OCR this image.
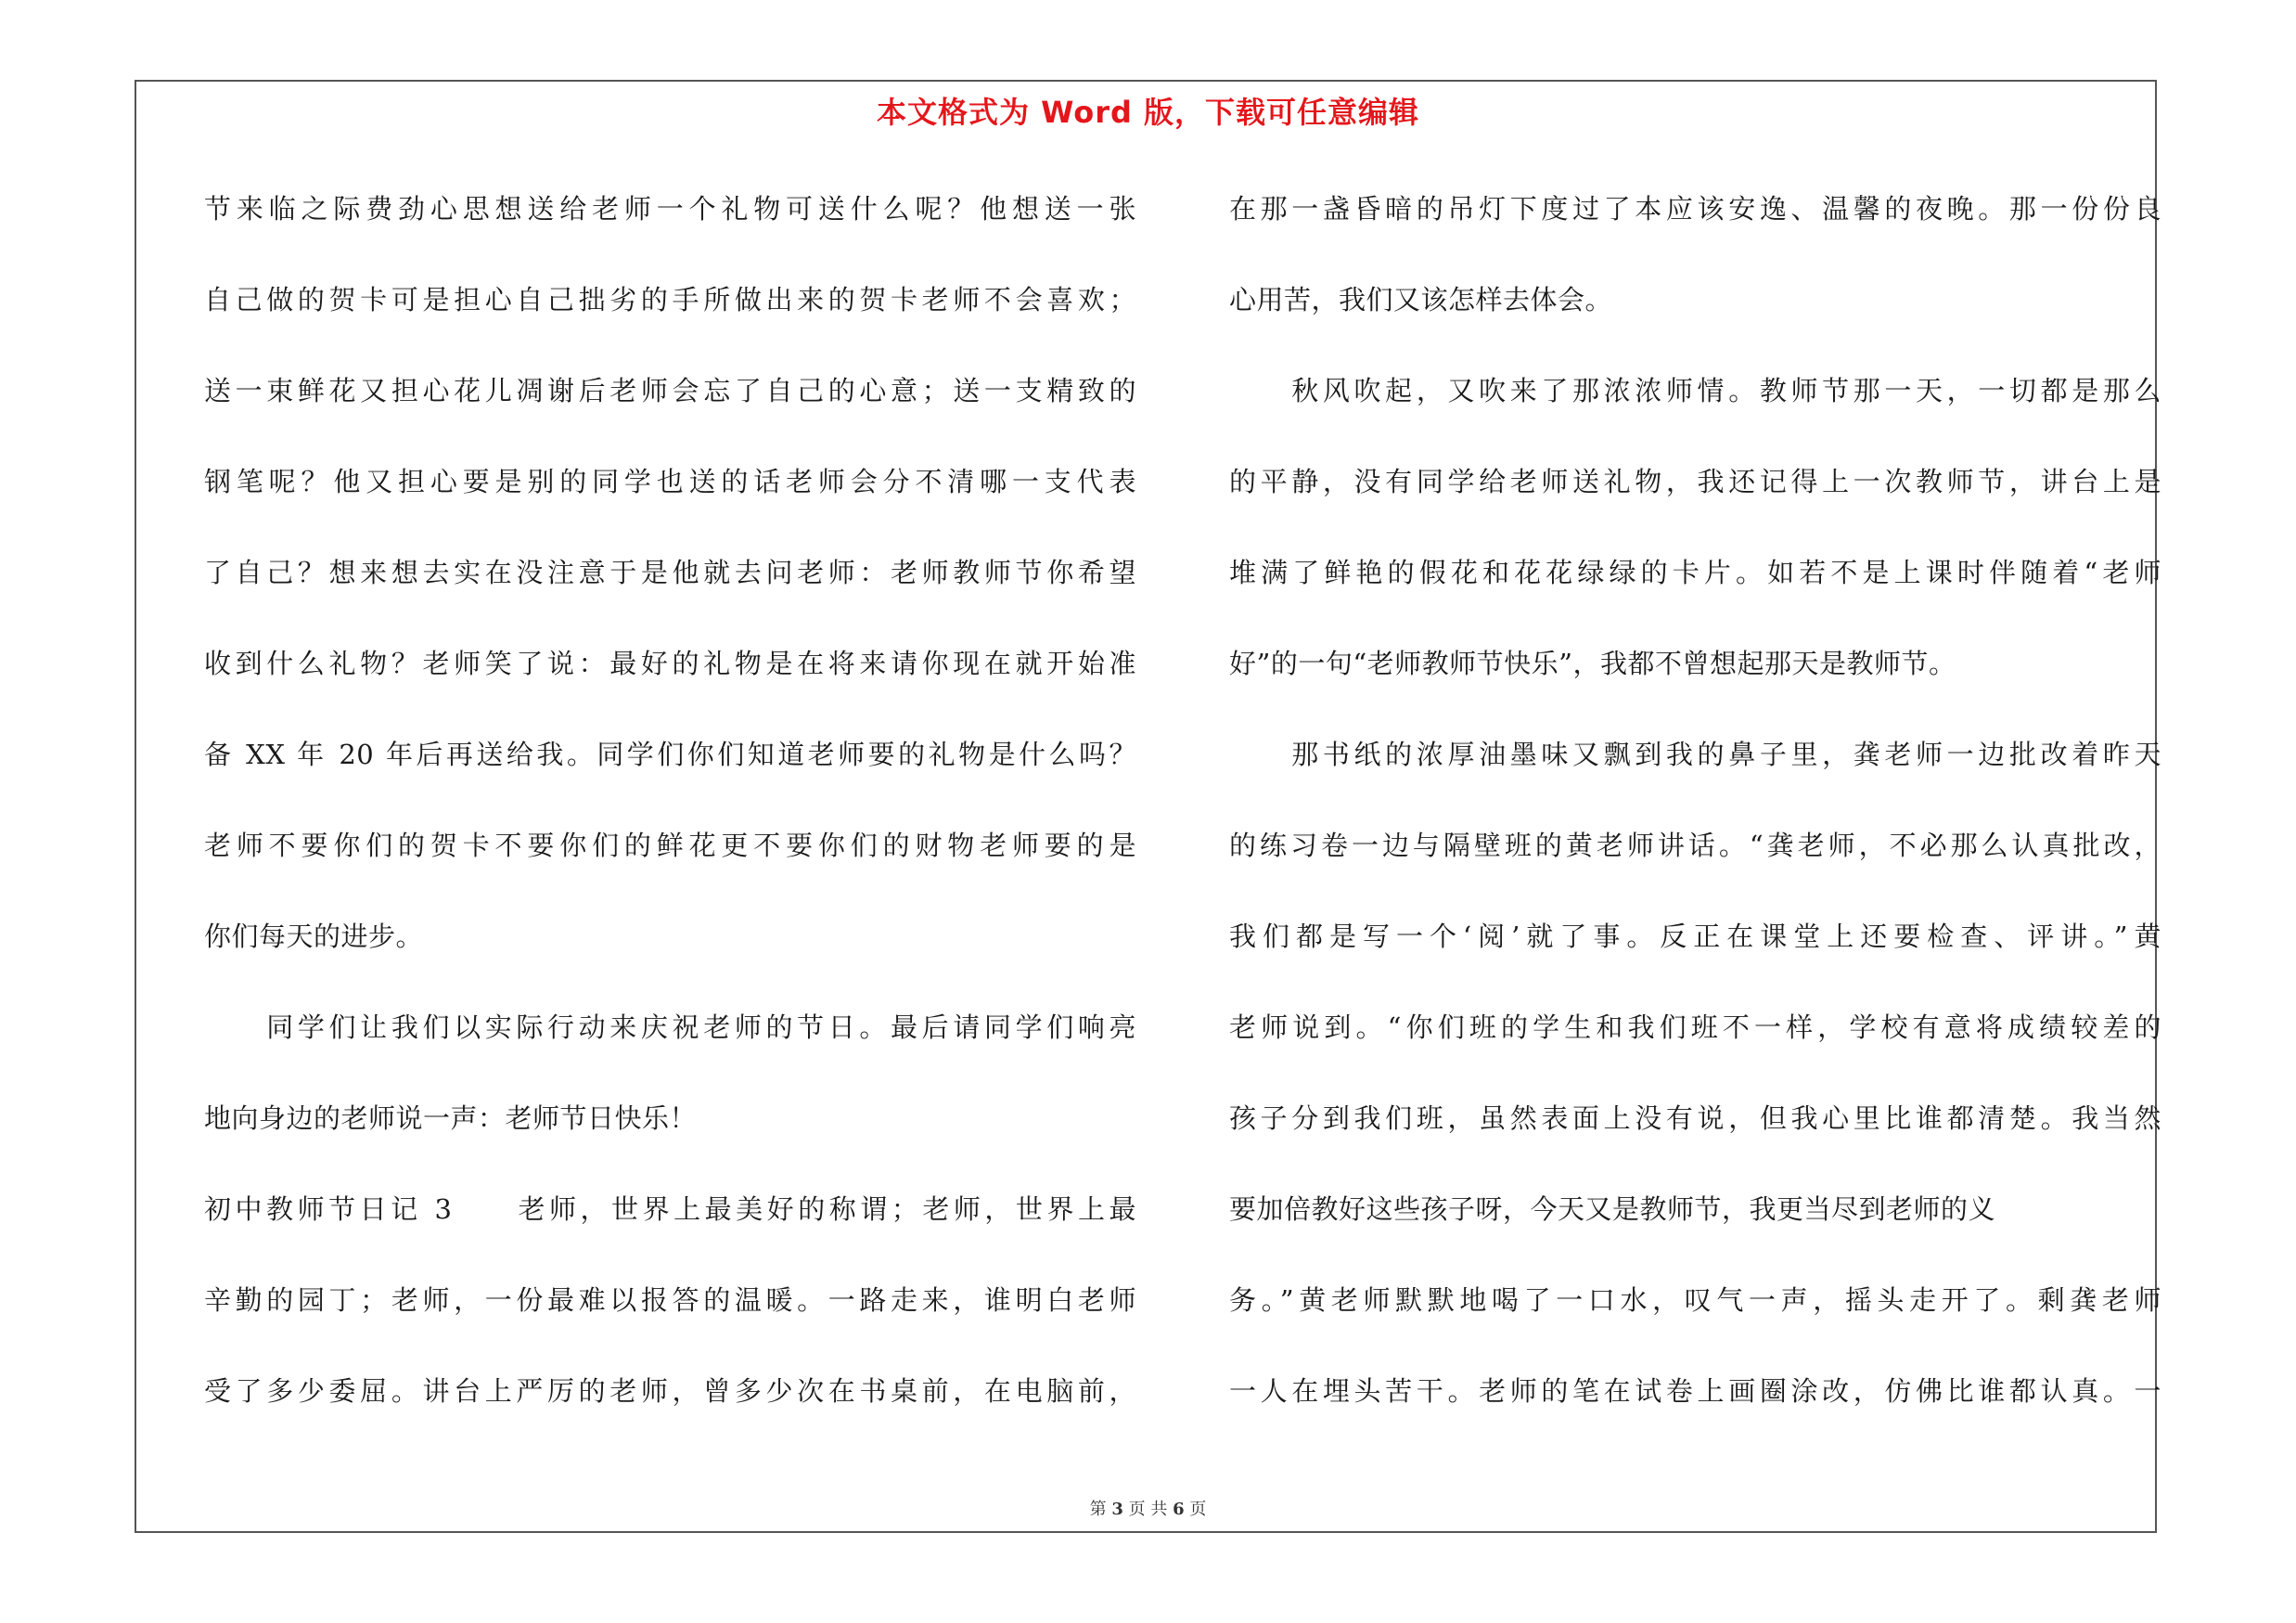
本文格式为 Word 版，下载可任意编辑
节来临之际费劲心思想送给老师一个礼物可送什么呢？他想送一张
自己做的贺卡可是担心自己拙劣的手所做出来的贺卡老师不会喜欢；
送一束鲜花又担心花儿凋谢后老师会忘了自己的心意；送一支精致的
钢笔呢？他又担心要是别的同学也送的话老师会分不清哪一支代表
了自己？想来想去实在没注意于是他就去问老师：老师教师节你希望
收到什么礼物？老师笑了说：最好的礼物是在将来请你现在就开始准
备 XX 年 20 年后再送给我。同学们你们知道老师要的礼物是什么吗？
老师不要你们的贺卡不要你们的鲜花更不要你们的财物老师要的是
你们每天的进步。
　　同学们让我们以实际行动来庆祝老师的节日。最后请同学们响亮
地向身边的老师说一声：老师节日快乐！
初中教师节日记 3　　老师，世界上最美好的称谓；老师，世界上最
辛勤的园丁；老师，一份最难以报答的温暖。一路走来，谁明白老师
受了多少委屈。讲台上严厉的老师，曾多少次在书桌前，在电脑前，
在那一盏昏暗的吊灯下度过了本应该安逸、温馨的夜晚。那一份份良
心用苦，我们又该怎样去体会。
　　秋风吹起，又吹来了那浓浓师情。教师节那一天，一切都是那么
的平静，没有同学给老师送礼物，我还记得上一次教师节，讲台上是
堆满了鲜艳的假花和花花绿绿的卡片。如若不是上课时伴随着“老师
好”的一句“老师教师节快乐”，我都不曾想起那天是教师节。
　　那书纸的浓厚油墨味又飘到我的鼻子里，龚老师一边批改着昨天
的练习卷一边与隔壁班的黄老师讲话。“龚老师，不必那么认真批改，
我们都是写一个‘阅’就了事。反正在课堂上还要检查、评讲。”黄
老师说到。“你们班的学生和我们班不一样，学校有意将成绩较差的
孩子分到我们班，虽然表面上没有说，但我心里比谁都清楚。我当然
要加倍教好这些孩子呀，今天又是教师节，我更当尽到老师的义
务。”黄老师默默地喝了一口水，叹气一声，摇头走开了。剩龚老师
一人在埋头苦干。老师的笔在试卷上画圈涂改，仿佛比谁都认真。一
第 3 页 共 6 页
